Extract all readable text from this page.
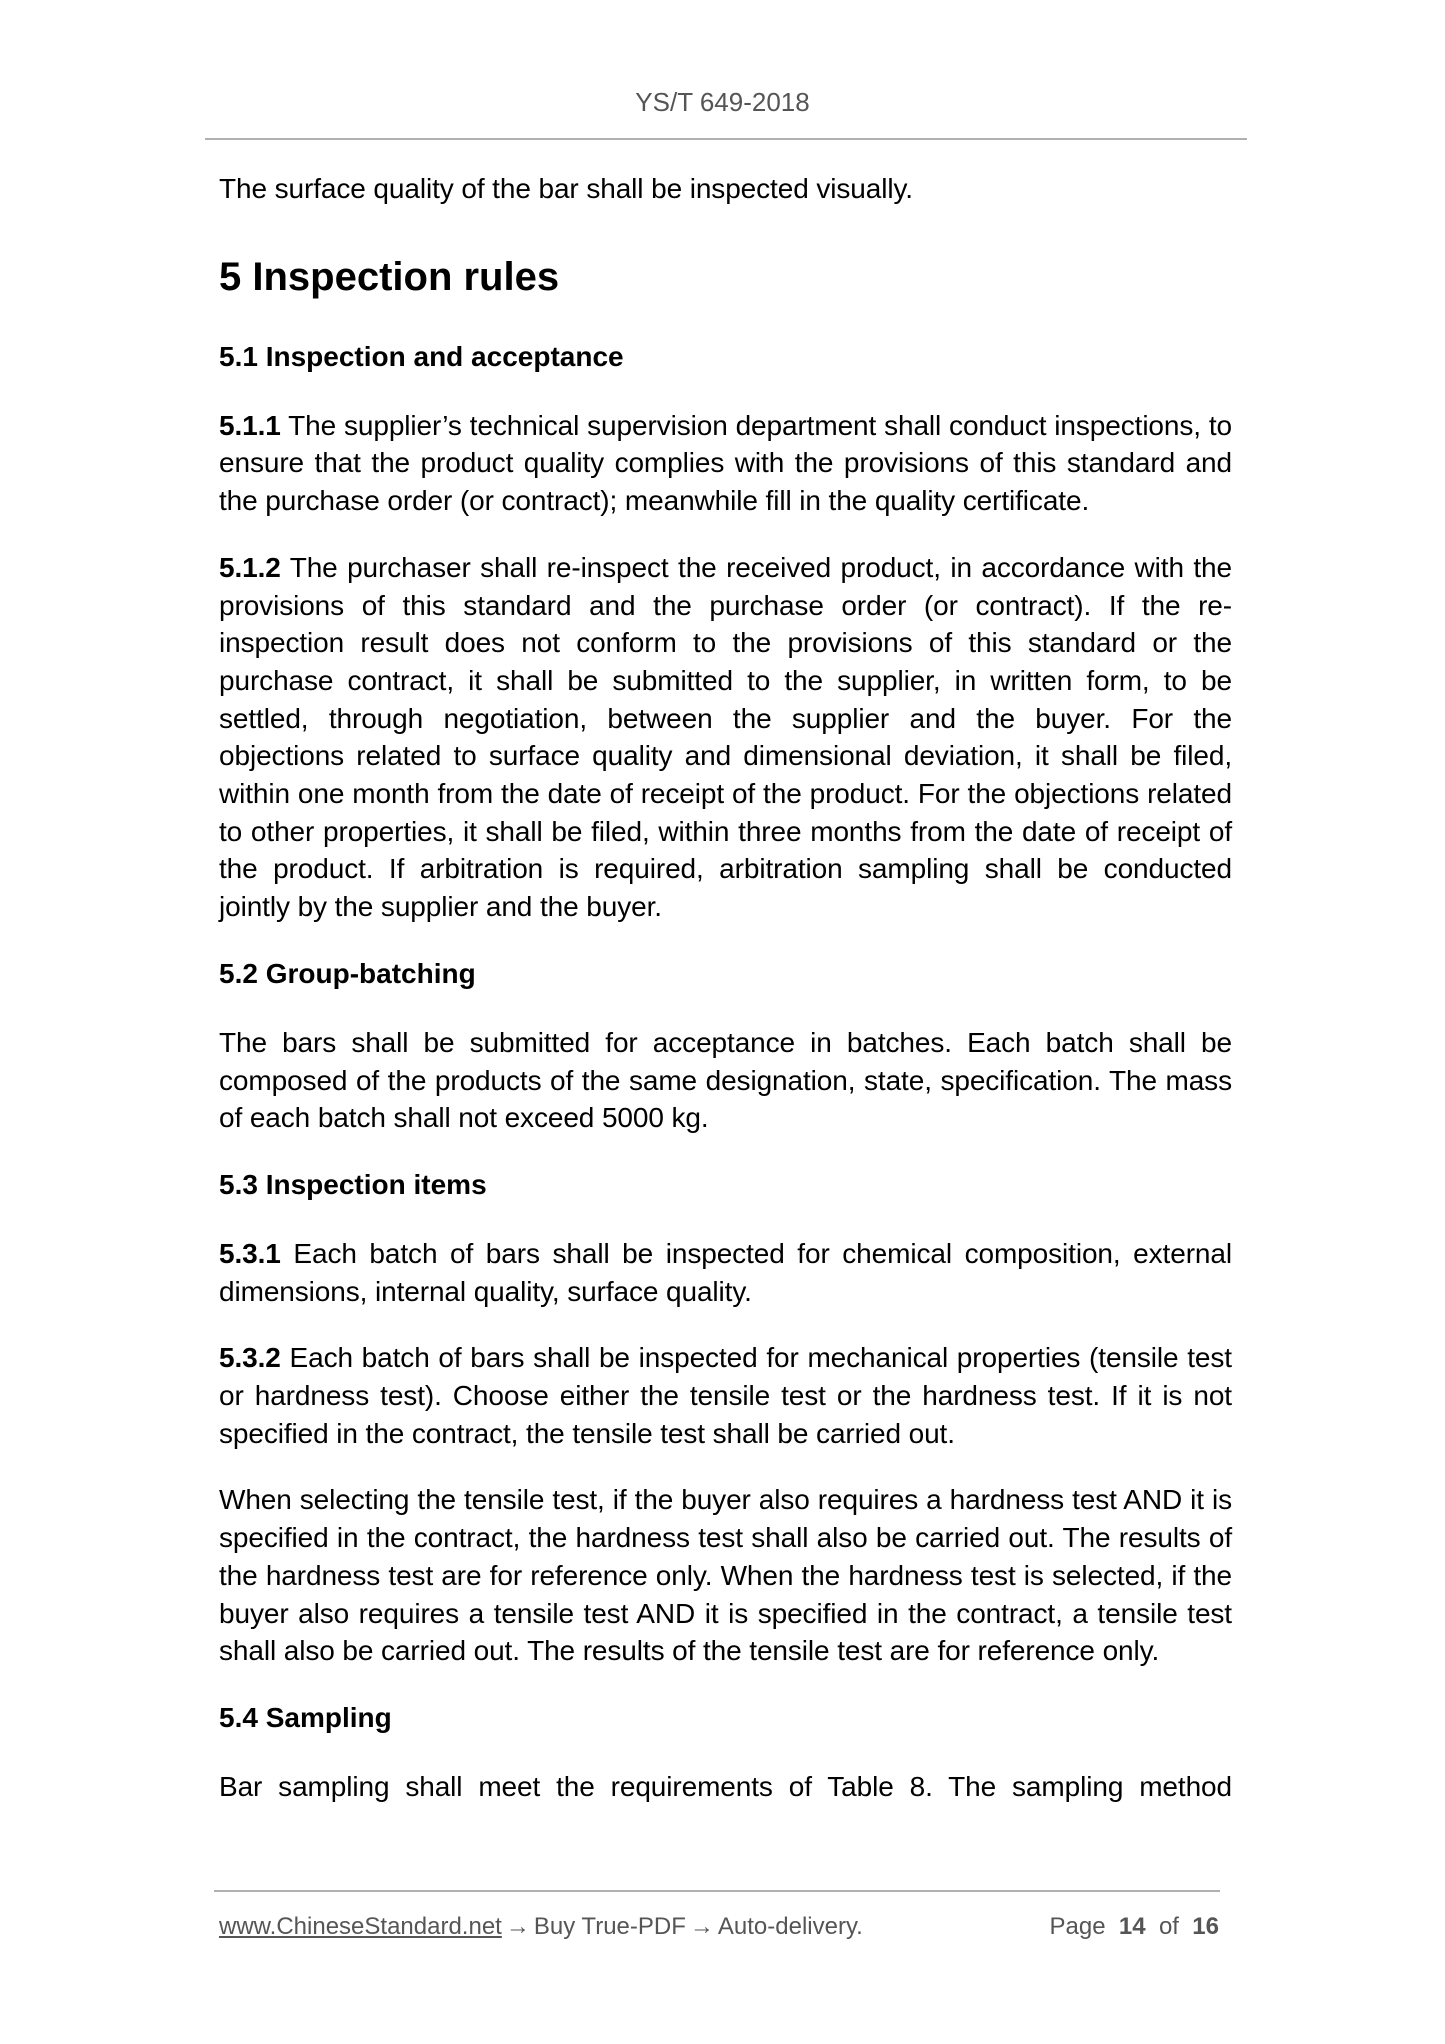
YS/T 649-2018

The surface quality of the bar shall be inspected visually.

5 Inspection rules
5.1 Inspection and acceptance

5.1.1 The supplier’s technical supervision department shall conduct inspections, to ensure that the product quality complies with the provisions of this standard and the purchase order (or contract); meanwhile fill in the quality certificate.

5.1.2 The purchaser shall re-inspect the received product, in accordance with the provisions of this standard and the purchase order (or contract). If the re-inspection result does not conform to the provisions of this standard or the purchase contract, it shall be submitted to the supplier, in written form, to be settled, through negotiation, between the supplier and the buyer. For the objections related to surface quality and dimensional deviation, it shall be filed, within one month from the date of receipt of the product. For the objections related to other properties, it shall be filed, within three months from the date of receipt of the product. If arbitration is required, arbitration sampling shall be conducted jointly by the supplier and the buyer.

5.2 Group-batching

The bars shall be submitted for acceptance in batches. Each batch shall be composed of the products of the same designation, state, specification. The mass of each batch shall not exceed 5000 kg.

5.3 Inspection items

5.3.1 Each batch of bars shall be inspected for chemical composition, external dimensions, internal quality, surface quality.

5.3.2 Each batch of bars shall be inspected for mechanical properties (tensile test or hardness test). Choose either the tensile test or the hardness test. If it is not specified in the contract, the tensile test shall be carried out.

When selecting the tensile test, if the buyer also requires a hardness test AND it is specified in the contract, the hardness test shall also be carried out. The results of the hardness test are for reference only. When the hardness test is selected, if the buyer also requires a tensile test AND it is specified in the contract, a tensile test shall also be carried out. The results of the tensile test are for reference only.

5.4 Sampling

Bar sampling shall meet the requirements of Table 8. The sampling method

www.ChineseStandard.net → Buy True-PDF → Auto-delivery.	Page 14 of 16
